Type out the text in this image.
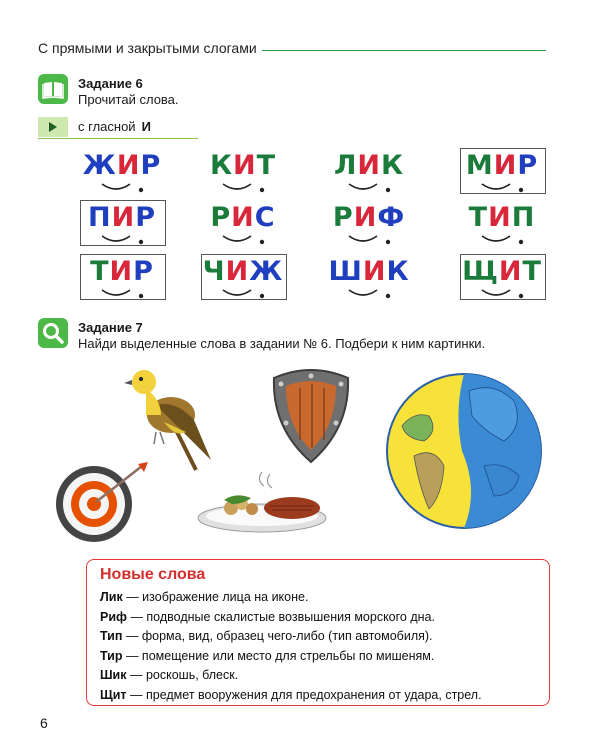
С прямыми и закрытыми слогами
Задание 6
Прочитай слова.
с гласной И
ЖИР	КИТ	ЛИК	МИР
ПИР	РИС	РИФ	ТИП
ТИР	ЧИЖ	ШИК	ЩИТ
Задание 7
Найди выделенные слова в задании № 6. Подбери к ним картинки.
Новые слова
Лик — изображение лица на иконе.
Риф — подводные скалистые возвышения морского дна.
Тип — форма, вид, образец чего-либо (тип автомобиля).
Тир — помещение или место для стрельбы по мишеням.
Шик — роскошь, блеск.
Щит — предмет вооружения для предохранения от удара, стрел.
6
